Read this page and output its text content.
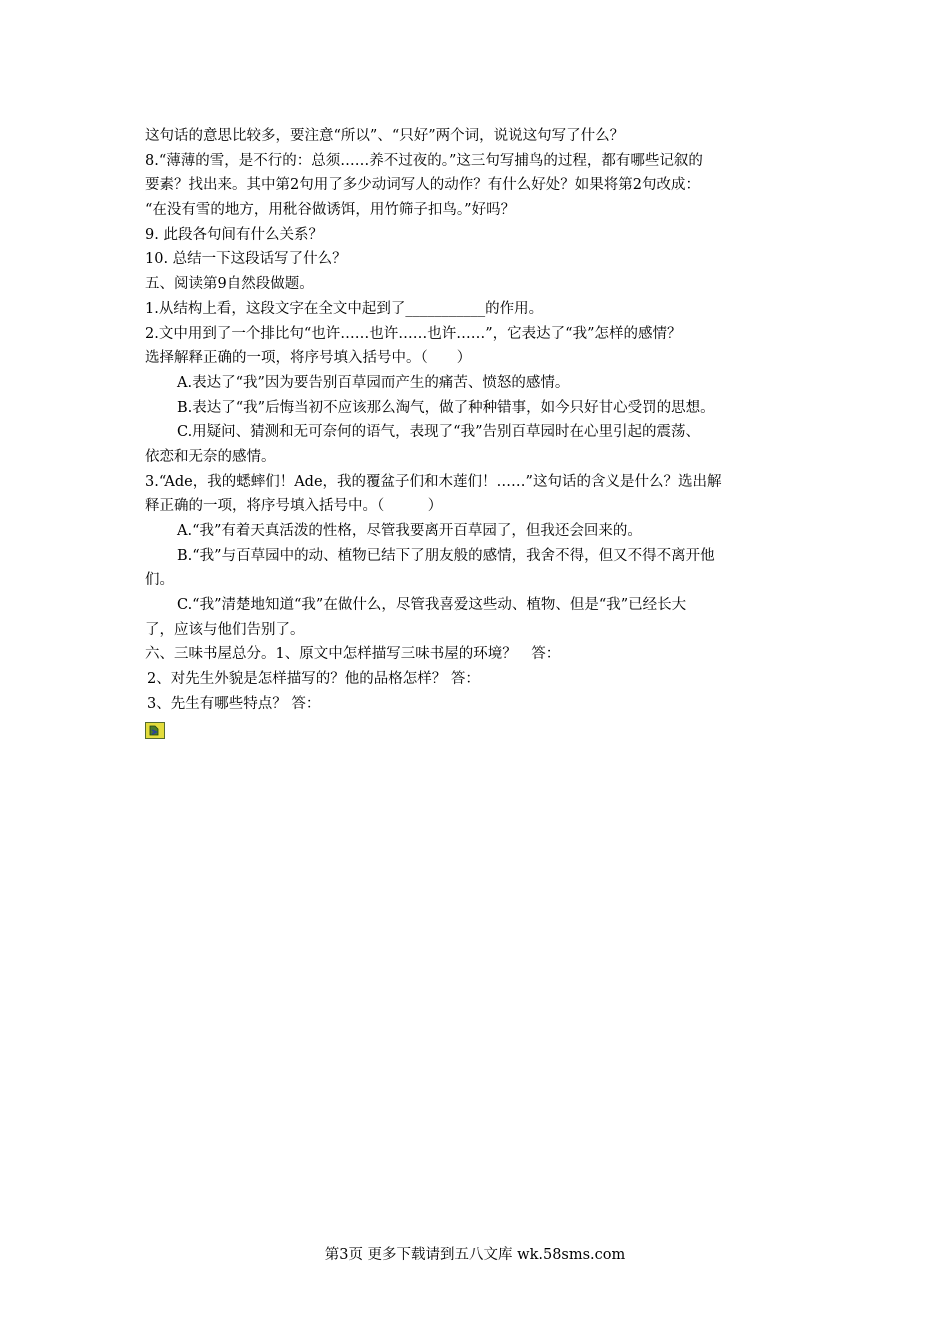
这句话的意思比较多，要注意“所以”、“只好”两个词，说说这句写了什么？
8.“薄薄的雪，是不行的：总须……养不过夜的。”这三句写捕鸟的过程，都有哪些记叙的
要素？找出来。其中第2句用了多少动词写人的动作？有什么好处？如果将第2句改成：
“在没有雪的地方，用秕谷做诱饵，用竹筛子扣鸟。”好吗？
9. 此段各句间有什么关系？
10. 总结一下这段话写了什么？
五、阅读第9自然段做题。
1.从结构上看，这段文字在全文中起到了___________的作用。
2.文中用到了一个排比句“也许……也许……也许……”，它表达了“我”怎样的感情？
选择解释正确的一项，将序号填入括号中。（　　）
A.表达了“我”因为要告别百草园而产生的痛苦、愤怒的感情。
B.表达了“我”后悔当初不应该那么淘气，做了种种错事，如今只好甘心受罚的思想。
C.用疑问、猜测和无可奈何的语气，表现了“我”告别百草园时在心里引起的震荡、
依恋和无奈的感情。
3.“Ade，我的蟋蟀们！Ade，我的覆盆子们和木莲们！……”这句话的含义是什么？选出解
释正确的一项，将序号填入括号中。（　　　）
A.“我”有着天真活泼的性格，尽管我要离开百草园了，但我还会回来的。
B.“我”与百草园中的动、植物已结下了朋友般的感情，我舍不得，但又不得不离开他
们。
C.“我”清楚地知道“我”在做什么，尽管我喜爱这些动、植物、但是“我”已经长大
了，应该与他们告别了。
六、三味书屋总分。1、原文中怎样描写三味书屋的环境？　答：
2、对先生外貌是怎样描写的？他的品格怎样？ 答：
3、先生有哪些特点？ 答：
第3页 更多下载请到五八文库 wk.58sms.com
